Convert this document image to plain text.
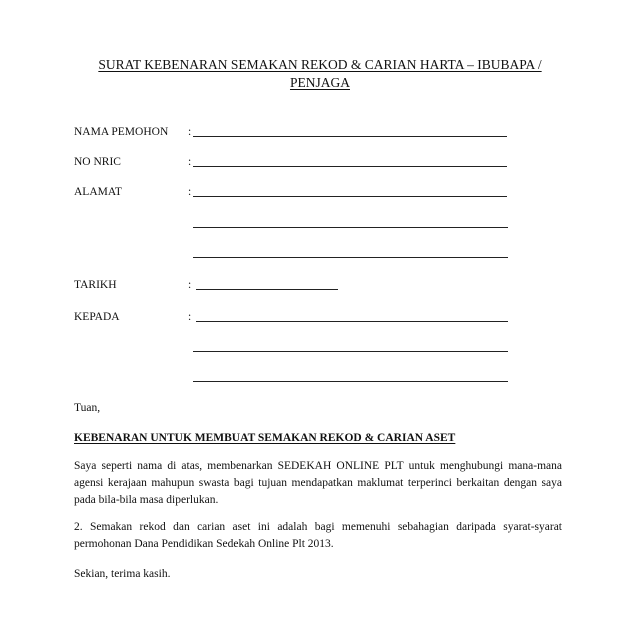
SURAT KEBENARAN SEMAKAN REKOD & CARIAN HARTA – IBUBAPA / PENJAGA
NAMA PEMOHON :
NO NRIC	:
ALAMAT	:
TARIKH	:
KEPADA	:

Tuan,

KEBENARAN UNTUK MEMBUAT SEMAKAN REKOD & CARIAN ASET

Saya seperti nama di atas, membenarkan SEDEKAH ONLINE PLT untuk menghubungi mana-mana agensi kerajaan mahupun swasta bagi tujuan mendapatkan maklumat terperinci berkaitan dengan saya pada bila-bila masa diperlukan.

2. Semakan rekod dan carian aset ini adalah bagi memenuhi sebahagian daripada syarat-syarat permohonan Dana Pendidikan Sedekah Online Plt 2013.

Sekian, terima kasih.
